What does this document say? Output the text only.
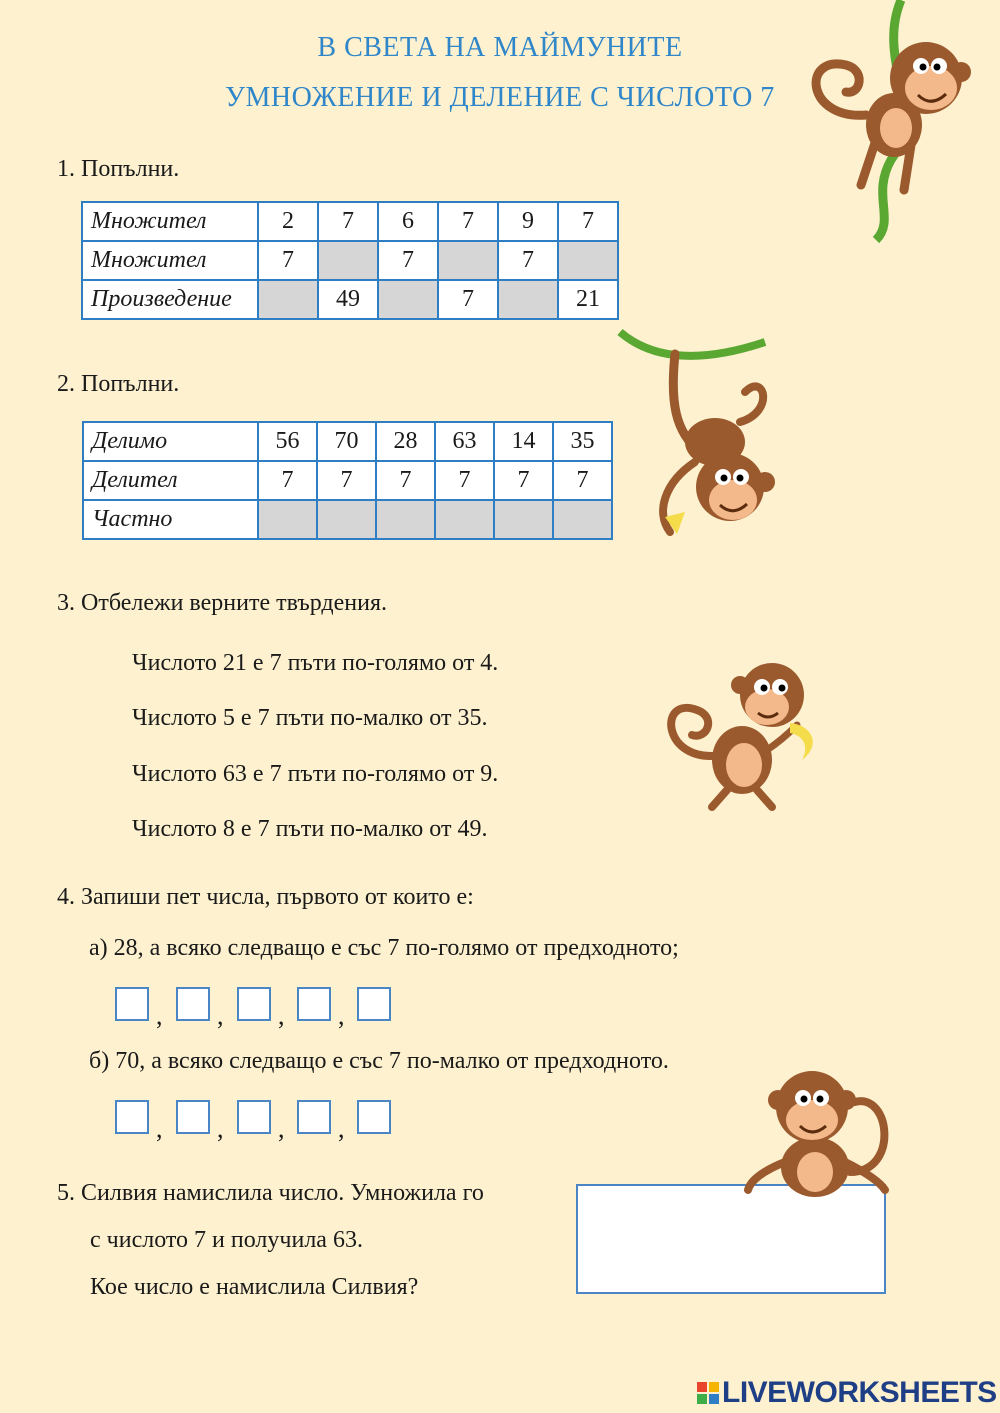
В СВЕТА НА МАЙМУНИТЕ
УМНОЖЕНИЕ И ДЕЛЕНИЕ С ЧИСЛОТО 7
1. Попълни.
Множител	2	7	6	7	9	7
Множител	7		7		7	
Произведение		49		7		21
2. Попълни.
Делимо	56	70	28	63	14	35
Делител	7	7	7	7	7	7
Частно						
3. Отбележи верните твърдения.
Числото 21 е 7 пъти по-голямо от 4.
Числото 5 е 7 пъти по-малко от 35.
Числото 63 е 7 пъти по-голямо от 9.
Числото 8 е 7 пъти по-малко от 49.
4. Запиши пет числа, първото от които е:
а) 28, а всяко следващо е със 7 по-голямо от предходното;
, , , ,
б) 70, а всяко следващо е със 7 по-малко от предходното.
, , , ,
5. Силвия намислила число. Умножила го
с числото 7 и получила 63.
Кое число е намислила Силвия?
LIVEWORKSHEETS
